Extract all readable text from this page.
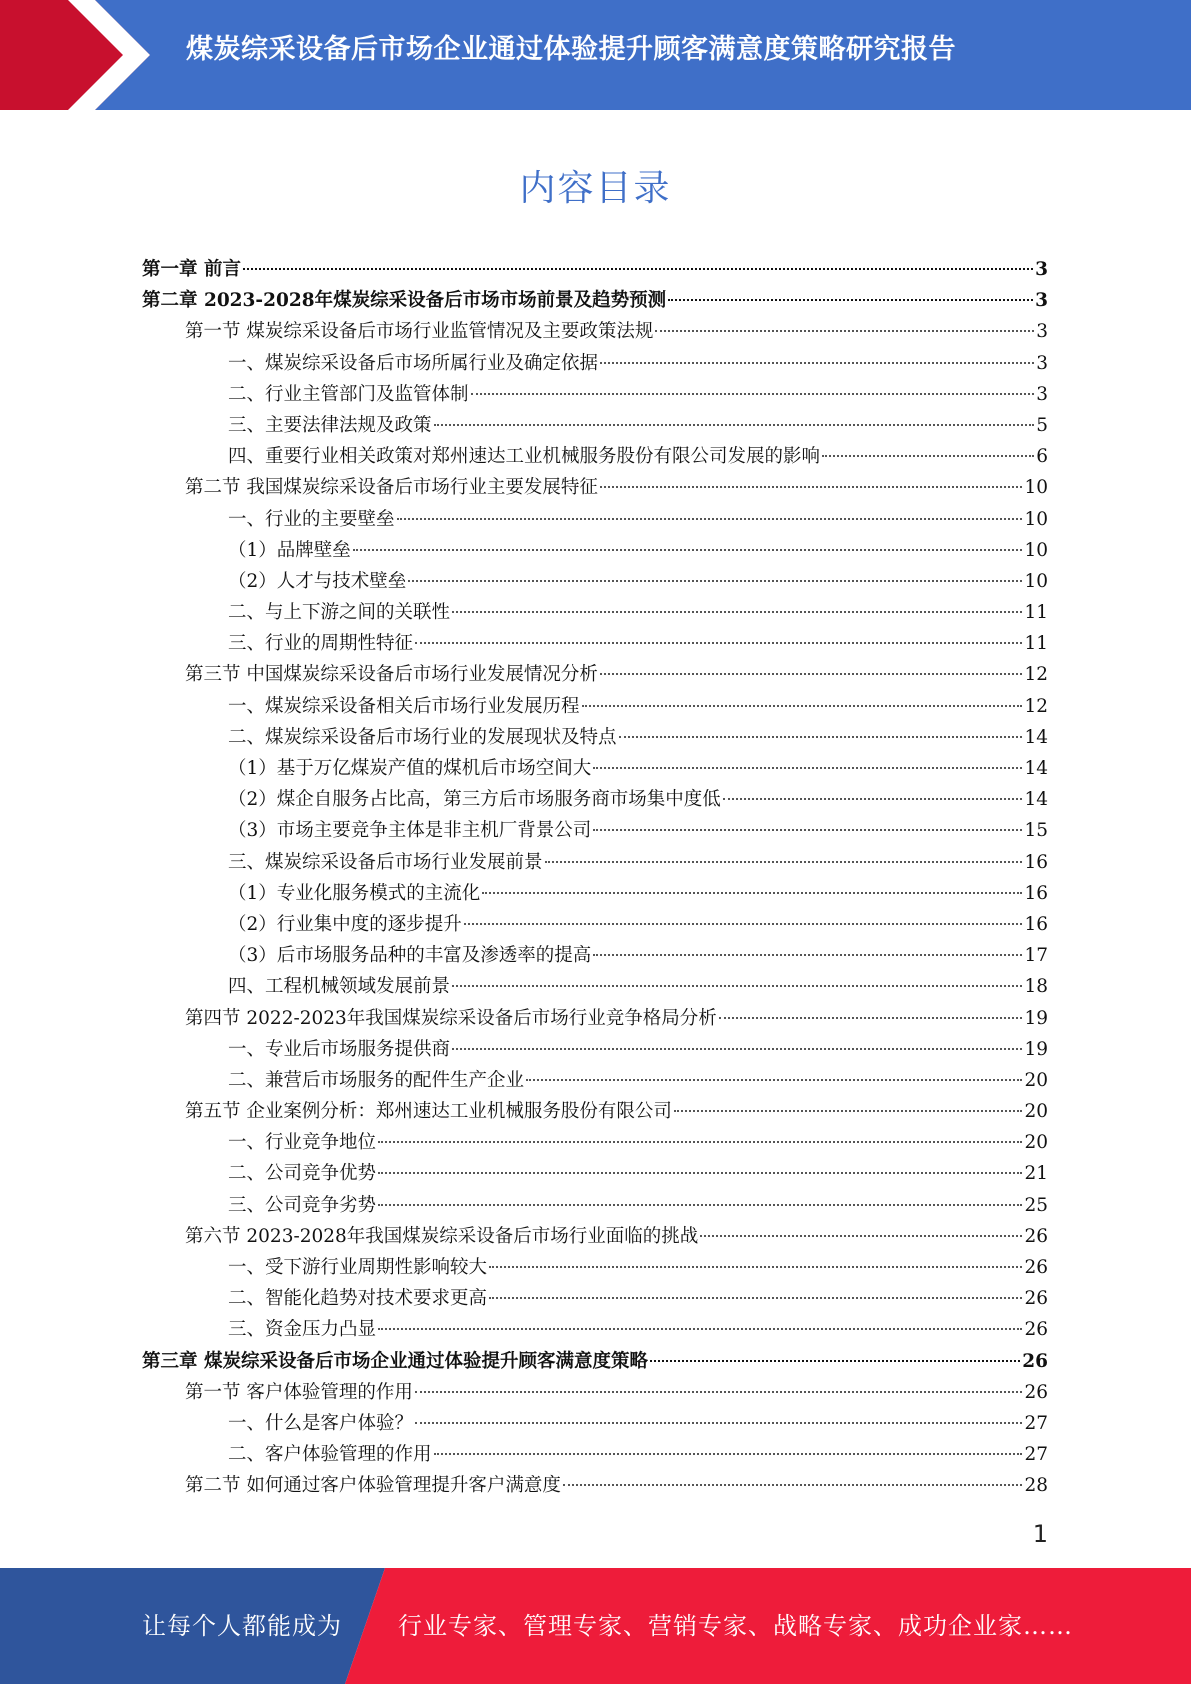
煤炭综采设备后市场企业通过体验提升顾客满意度策略研究报告
内容目录
第一章 前言	3
第二章 2023-2028年煤炭综采设备后市场市场前景及趋势预测	3
第一节 煤炭综采设备后市场行业监管情况及主要政策法规	3
一、煤炭综采设备后市场所属行业及确定依据	3
二、行业主管部门及监管体制	3
三、主要法律法规及政策	5
四、重要行业相关政策对郑州速达工业机械服务股份有限公司发展的影响	6
第二节 我国煤炭综采设备后市场行业主要发展特征	10
一、行业的主要壁垒	10
（1）品牌壁垒	10
（2）人才与技术壁垒	10
二、与上下游之间的关联性	11
三、行业的周期性特征	11
第三节 中国煤炭综采设备后市场行业发展情况分析	12
一、煤炭综采设备相关后市场行业发展历程	12
二、煤炭综采设备后市场行业的发展现状及特点	14
（1）基于万亿煤炭产值的煤机后市场空间大	14
（2）煤企自服务占比高，第三方后市场服务商市场集中度低	14
（3）市场主要竞争主体是非主机厂背景公司	15
三、煤炭综采设备后市场行业发展前景	16
（1）专业化服务模式的主流化	16
（2）行业集中度的逐步提升	16
（3）后市场服务品种的丰富及渗透率的提高	17
四、工程机械领域发展前景	18
第四节 2022-2023年我国煤炭综采设备后市场行业竞争格局分析	19
一、专业后市场服务提供商	19
二、兼营后市场服务的配件生产企业	20
第五节 企业案例分析：郑州速达工业机械服务股份有限公司	20
一、行业竞争地位	20
二、公司竞争优势	21
三、公司竞争劣势	25
第六节 2023-2028年我国煤炭综采设备后市场行业面临的挑战	26
一、受下游行业周期性影响较大	26
二、智能化趋势对技术要求更高	26
三、资金压力凸显	26
第三章 煤炭综采设备后市场企业通过体验提升顾客满意度策略	26
第一节 客户体验管理的作用	26
一、什么是客户体验？	27
二、客户体验管理的作用	27
第二节 如何通过客户体验管理提升客户满意度	28
1
让每个人都能成为 行业专家、管理专家、营销专家、战略专家、成功企业家……
